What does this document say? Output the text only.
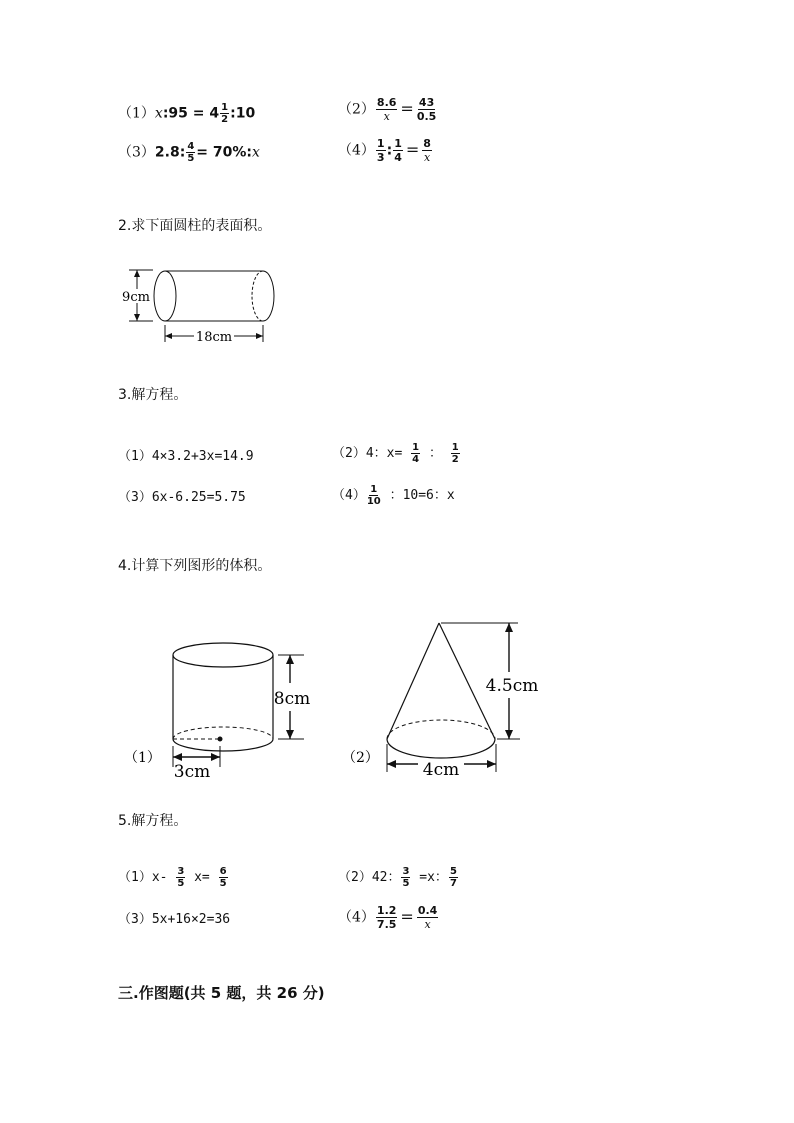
（1）x:95 = $4 \frac{1}{2}$ :10	$(2) \frac{8.6}{x} = \frac{43}{0.5}$
（3）2.8: $\frac{4}{5}$ = 70%:x	$(4) \frac{1}{3}$ : $\frac{1}{4} = \frac{8}{x}$
2.求下面圆柱的表面积。
9cm
18cm
3.解方程。
（1）4×3.2+3x=14.9	（2）4：$x= \frac{1}{4}$ ： $\frac{1}{2}$
（3）6x-6.25=5.75	$(4) \frac{1}{10}$ ：10=6：x
4.计算下列图形的体积。
（1）
8cm
3cm
（2）
4.5cm
4cm
5.解方程。
$(1)x- \frac{3}{5} x= \frac{6}{5}$	（2）42： $\frac{3}{5} =x$： $\frac{5}{7}$
（3）5x+16×2=36	$(4) \frac{1.2}{7.5} = \frac{0.4}{x}$
三.作图题(共 5 题，共 26 分)
